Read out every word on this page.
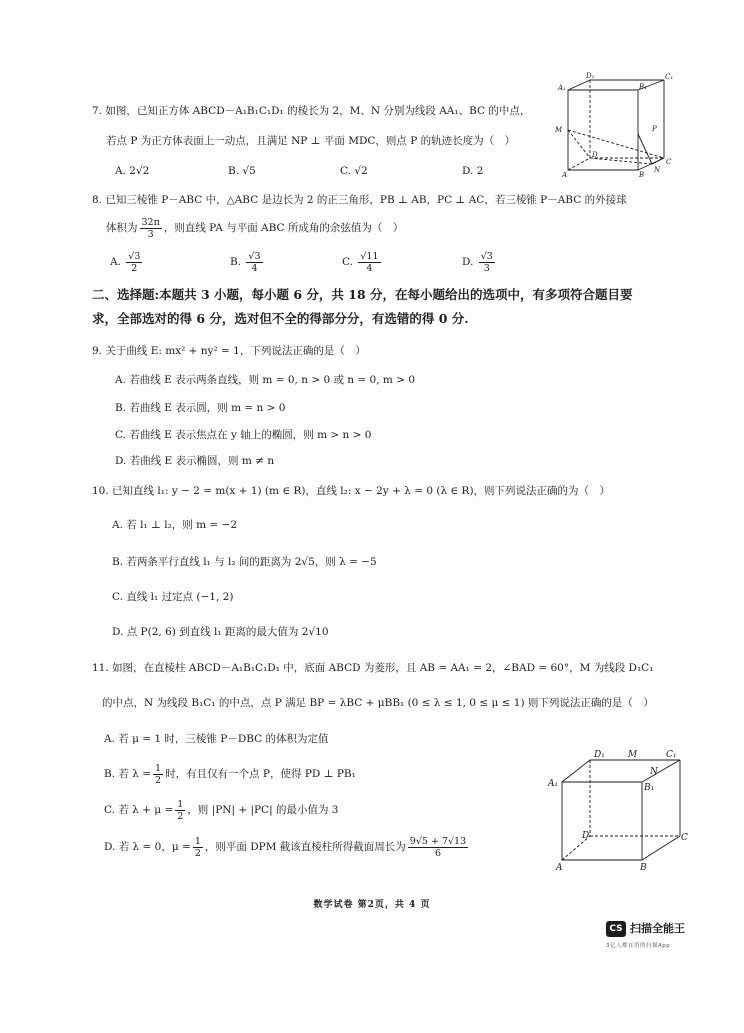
7. 如图，已知正方体 ABCD－A₁B₁C₁D₁ 的棱长为 2，M、N 分别为线段 AA₁、BC 的中点，
若点 P 为正方体表面上一动点，且满足 NP ⊥ 平面 MDC，则点 P 的轨迹长度为（　）
A. 2√2	B. √5	C. √2	D. 2
D₁	C₁
A₁	B₁
M	P
D
A	B
N
C
8. 已知三棱锥 P－ABC 中，△ABC 是边长为 2 的正三角形，PB ⊥ AB，PC ⊥ AC，若三棱锥 P－ABC 的外接球
体积为 $\frac{32\pi}{3}$ ，则直线 PA 与平面 ABC 所成角的余弦值为（　）
A. $\frac{√3}{2}$	B. $\frac{√3}{4}$	C. $\frac{√11}{4}$	D. $\frac{√3}{3}$
二、选择题:本题共 3 小题，每小题 6 分，共 18 分，在每小题给出的选项中，有多项符合题目要
求，全部选对的得 6 分，选对但不全的得部分分，有选错的得 0 分.
9. 关于曲线 E: mx² + ny² = 1，下列说法正确的是（　）
A. 若曲线 E 表示两条直线，则 m = 0, n > 0 或 n = 0, m > 0
B. 若曲线 E 表示圆，则 m = n > 0
C. 若曲线 E 表示焦点在 y 轴上的椭圆，则 m > n > 0
D. 若曲线 E 表示椭圆，则 m ≠ n
10. 已知直线 l₁: y − 2 = m(x + 1) (m ∈ R)，直线 l₂: x − 2y + λ = 0 (λ ∈ R)，则下列说法正确的为（　）
A. 若 l₁ ⊥ l₂，则 m = −2
B. 若两条平行直线 l₁ 与 l₂ 间的距离为 2√5，则 λ = −5
C. 直线 l₁ 过定点 (−1, 2)
D. 点 P(2, 6) 到直线 l₁ 距离的最大值为 2√10
11. 如图，在直棱柱 ABCD－A₁B₁C₁D₁ 中，底面 ABCD 为菱形，且 AB = AA₁ = 2，∠BAD = 60°，M 为线段 D₁C₁
的中点，N 为线段 B₁C₁ 的中点，点 P 满足 BP = λBC + μBB₁ (0 ≤ λ ≤ 1, 0 ≤ μ ≤ 1) 则下列说法正确的是（　）
A. 若 μ = 1 时，三棱锥 P－DBC 的体积为定值
B. 若 $\lambda = \frac{1}{2}$ 时，有且仅有一个点 P，使得 PD ⊥ PB₁
C. 若 $\lambda + \mu = \frac{1}{2}$ ，则 |PN| + |PC| 的最小值为 3
D. 若 λ = 0，$\mu = \frac{1}{2}$ ，则平面 DPM 截该直棱柱所得截面周长为 $\frac{9√5 + 7√13}{6}$
D₁	M	C₁
N
A₁	B₁
D	C
A	B
数学试卷 第2页，共 4 页
CS 扫描全能王
3亿人都在用的扫描App
